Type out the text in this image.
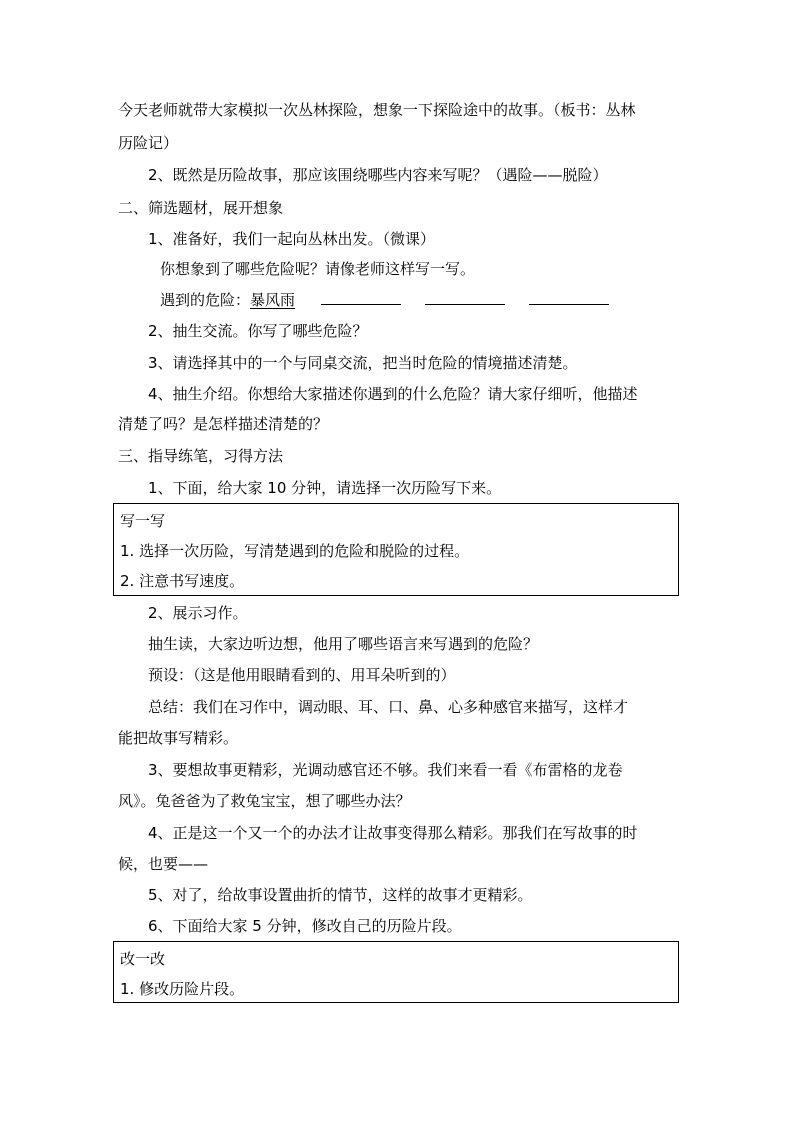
今天老师就带大家模拟一次丛林探险，想象一下探险途中的故事。（板书：丛林
历险记）
2、既然是历险故事，那应该围绕哪些内容来写呢？（遇险——脱险）
二、筛选题材，展开想象
1、准备好，我们一起向丛林出发。（微课）
你想象到了哪些危险呢？请像老师这样写一写。
遇到的危险：暴风雨
2、抽生交流。你写了哪些危险？
3、请选择其中的一个与同桌交流，把当时危险的情境描述清楚。
4、抽生介绍。你想给大家描述你遇到的什么危险？请大家仔细听，他描述
清楚了吗？是怎样描述清楚的？
三、指导练笔，习得方法
1、下面，给大家 10 分钟，请选择一次历险写下来。
写一写
1. 选择一次历险，写清楚遇到的危险和脱险的过程。
2. 注意书写速度。
2、展示习作。
抽生读，大家边听边想，他用了哪些语言来写遇到的危险？
预设：（这是他用眼睛看到的、用耳朵听到的）
总结：我们在习作中，调动眼、耳、口、鼻、心多种感官来描写，这样才
能把故事写精彩。
3、要想故事更精彩，光调动感官还不够。我们来看一看《布雷格的龙卷
风》。兔爸爸为了救兔宝宝，想了哪些办法？
4、正是这一个又一个的办法才让故事变得那么精彩。那我们在写故事的时
候，也要——
5、对了，给故事设置曲折的情节，这样的故事才更精彩。
6、下面给大家 5 分钟，修改自己的历险片段。
改一改
1. 修改历险片段。
